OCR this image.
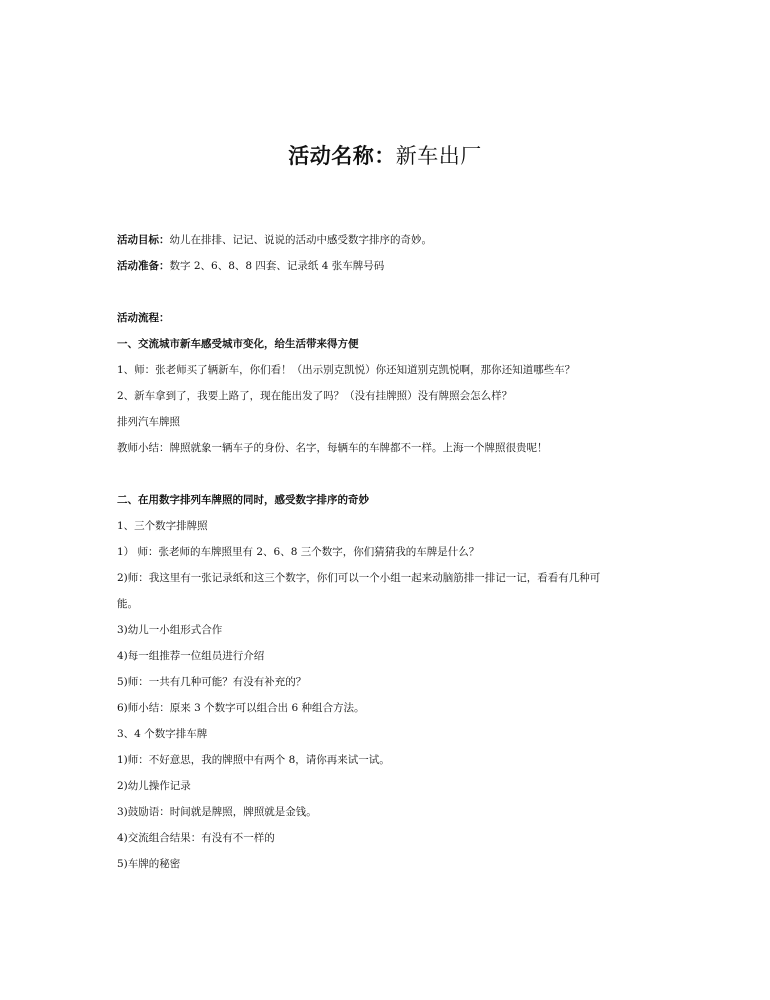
活动名称：新车出厂
活动目标：幼儿在排排、记记、说说的活动中感受数字排序的奇妙。
活动准备：数字 2、6、8、8 四套、记录纸 4 张车牌号码
活动流程：
一、交流城市新车感受城市变化，给生活带来得方便
1、师：张老师买了辆新车，你们看！（出示别克凯悦）你还知道别克凯悦啊，那你还知道哪些车？
2、新车拿到了，我要上路了，现在能出发了吗？（没有挂牌照）没有牌照会怎么样？
排列汽车牌照
教师小结：牌照就象一辆车子的身份、名字，每辆车的车牌都不一样。上海一个牌照很贵呢！
二、在用数字排列车牌照的同时，感受数字排序的奇妙
1、三个数字排牌照
1） 师：张老师的车牌照里有 2、6、8 三个数字，你们猜猜我的车牌是什么？
2)师：我这里有一张记录纸和这三个数字，你们可以一个小组一起来动脑筋排一排记一记，看看有几种可
能。
3)幼儿一小组形式合作
4)每一组推荐一位组员进行介绍
5)师：一共有几种可能？有没有补充的？
6)师小结：原来 3 个数字可以组合出 6 种组合方法。
3、4 个数字排车牌
1)师：不好意思，我的牌照中有两个 8，请你再来试一试。
2)幼儿操作记录
3)鼓励语：时间就是牌照，牌照就是金钱。
4)交流组合结果：有没有不一样的
5)车牌的秘密
